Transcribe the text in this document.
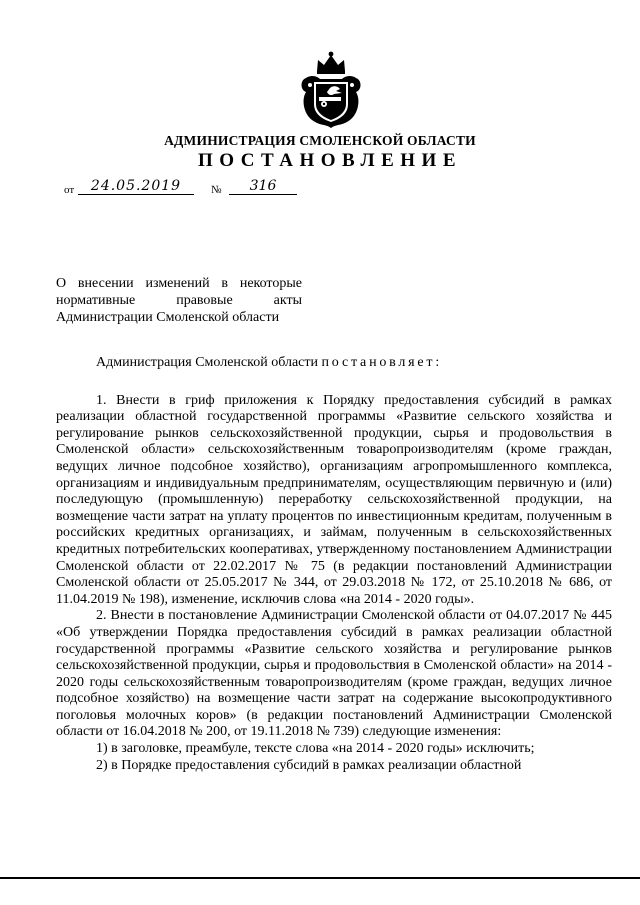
АДМИНИСТРАЦИЯ СМОЛЕНСКОЙ ОБЛАСТИ
ПОСТАНОВЛЕНИЕ
от	24.05.2019	№	316
О внесении изменений в некоторые нормативные правовые акты Администрации Смоленской области

Администрация Смоленской области постановляет:

1. Внести в гриф приложения к Порядку предоставления субсидий в рамках реализации областной государственной программы «Развитие сельского хозяйства и регулирование рынков сельскохозяйственной продукции, сырья и продовольствия в Смоленской области» сельскохозяйственным товаропроизводителям (кроме граждан, ведущих личное подсобное хозяйство), организациям агропромышленного комплекса, организациям и индивидуальным предпринимателям, осуществляющим первичную и (или) последующую (промышленную) переработку сельскохозяйственной продукции, на возмещение части затрат на уплату процентов по инвестиционным кредитам, полученным в российских кредитных организациях, и займам, полученным в сельскохозяйственных кредитных потребительских кооперативах, утвержденному постановлением Администрации Смоленской области от 22.02.2017 № 75 (в редакции постановлений Администрации Смоленской области от 25.05.2017 № 344, от 29.03.2018 № 172, от 25.10.2018 № 686, от 11.04.2019 № 198), изменение, исключив слова «на 2014 - 2020 годы».

2. Внести в постановление Администрации Смоленской области от 04.07.2017 № 445 «Об утверждении Порядка предоставления субсидий в рамках реализации областной государственной программы «Развитие сельского хозяйства и регулирование рынков сельскохозяйственной продукции, сырья и продовольствия в Смоленской области» на 2014 - 2020 годы сельскохозяйственным товаропроизводителям (кроме граждан, ведущих личное подсобное хозяйство) на возмещение части затрат на содержание высокопродуктивного поголовья молочных коров» (в редакции постановлений Администрации Смоленской области от 16.04.2018 № 200, от 19.11.2018 № 739) следующие изменения:

1) в заголовке, преамбуле, тексте слова «на 2014 - 2020 годы» исключить;

2) в Порядке предоставления субсидий в рамках реализации областной
